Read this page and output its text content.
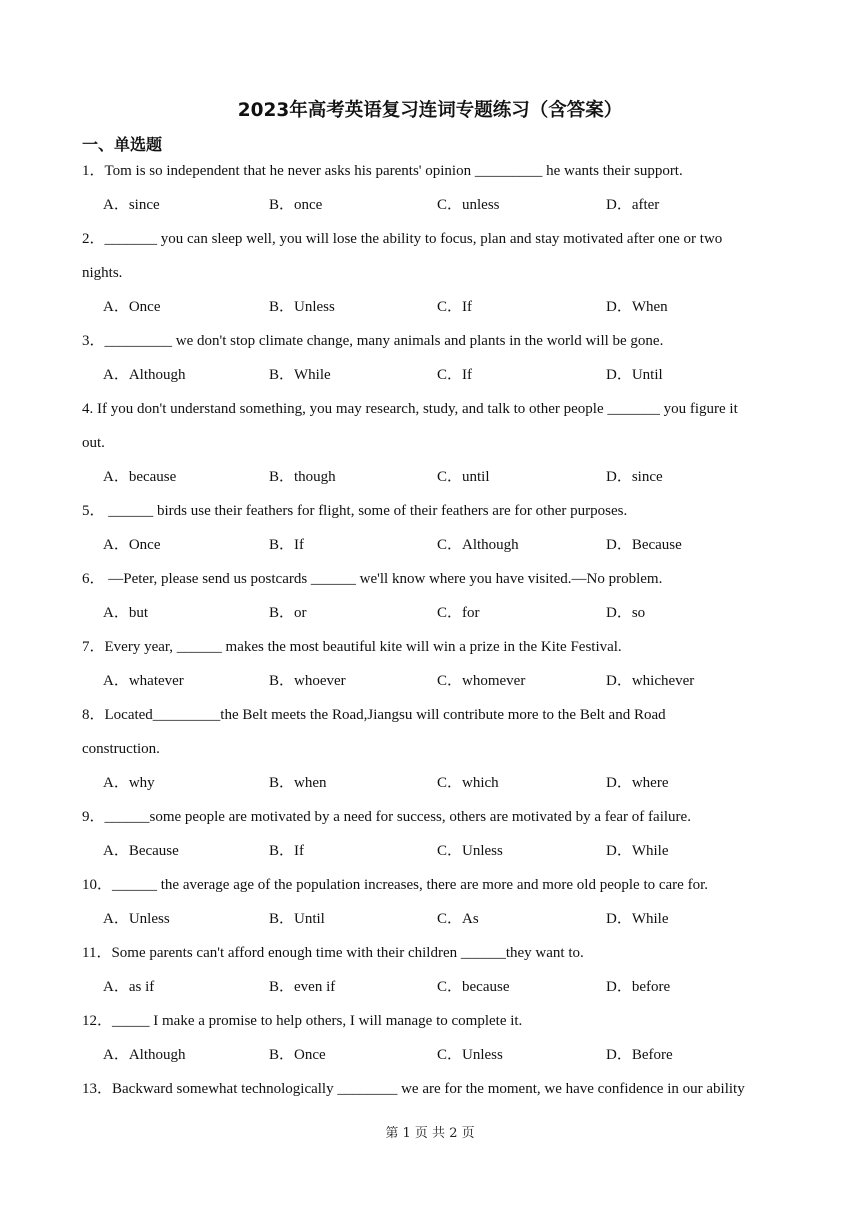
2023年高考英语复习连词专题练习（含答案）
一、单选题
1．Tom is so independent that he never asks his parents' opinion _________ he wants their support.
A．since	B．once	C．unless	D．after
2．_______ you can sleep well, you will lose the ability to focus, plan and stay motivated after one or two
nights.
A．Once	B．Unless	C．If	D．When
3．_________ we don't stop climate change, many animals and plants in the world will be gone.
A．Although	B．While	C．If	D．Until
4. If you don't understand something, you may research, study, and talk to other people _______ you figure it
out.
A．because	B．though	C．until	D．since
5． ______ birds use their feathers for flight, some of their feathers are for other purposes.
A．Once	B．If	C．Although	D．Because
6． —Peter, please send us postcards ______ we'll know where you have visited.—No problem.
A．but	B．or	C．for	D．so
7．Every year, ______ makes the most beautiful kite will win a prize in the Kite Festival.
A．whatever	B．whoever	C．whomever	D．whichever
8．Located_________the Belt meets the Road,Jiangsu will contribute more to the Belt and Road
construction.
A．why	B．when	C．which	D．where
9．______some people are motivated by a need for success, others are motivated by a fear of failure.
A．Because	B．If	C．Unless	D．While
10．______ the average age of the population increases, there are more and more old people to care for.
A．Unless	B．Until	C．As	D．While
11．Some parents can't afford enough time with their children ______they want to.
A．as if	B．even if	C．because	D．before
12．_____ I make a promise to help others, I will manage to complete it.
A．Although	B．Once	C．Unless	D．Before
13．Backward somewhat technologically ________ we are for the moment, we have confidence in our ability
第 1 页 共 2 页
